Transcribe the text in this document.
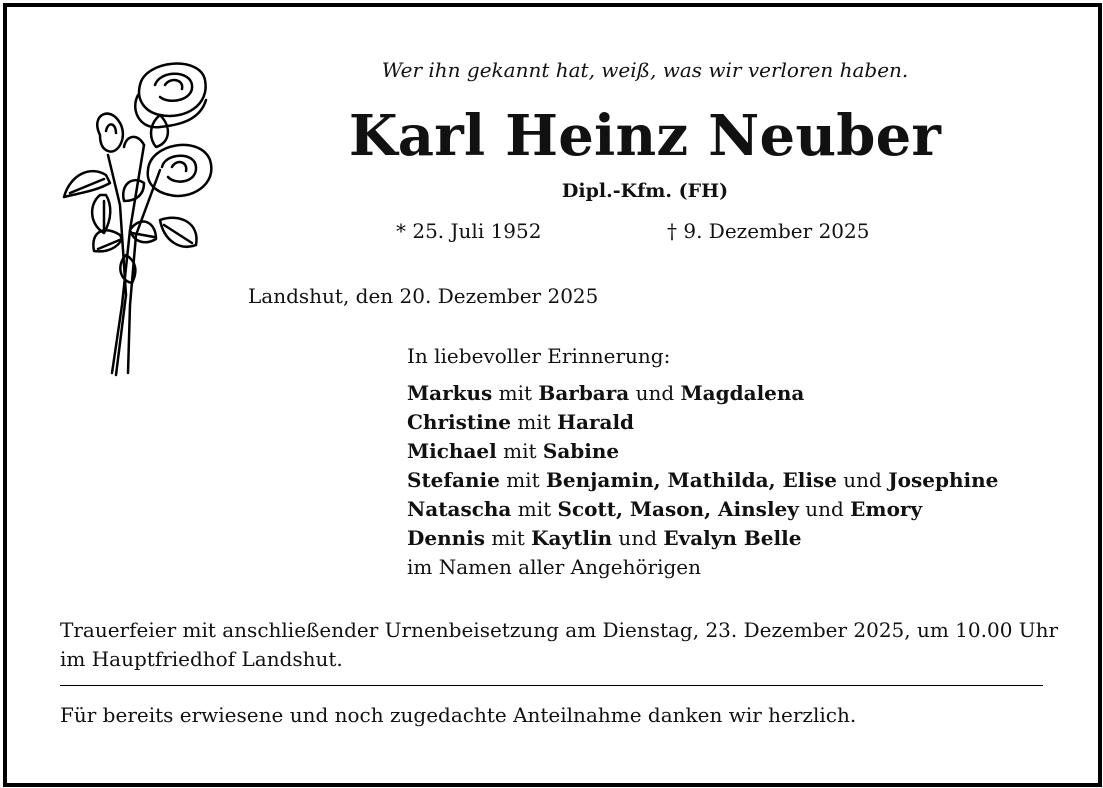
Wer ihn gekannt hat, weiß, was wir verloren haben.
Karl Heinz Neuber
Dipl.-Kfm. (FH)
* 25. Juli 1952	† 9. Dezember 2025
Landshut, den 20. Dezember 2025
In liebevoller Erinnerung:
Markus mit Barbara und Magdalena
Christine mit Harald
Michael mit Sabine
Stefanie mit Benjamin, Mathilda, Elise und Josephine
Natascha mit Scott, Mason, Ainsley und Emory
Dennis mit Kaytlin und Evalyn Belle
im Namen aller Angehörigen
Trauerfeier mit anschließender Urnenbeisetzung am Dienstag, 23. Dezember 2025, um 10.00 Uhr im Hauptfriedhof Landshut.
Für bereits erwiesene und noch zugedachte Anteilnahme danken wir herzlich.
